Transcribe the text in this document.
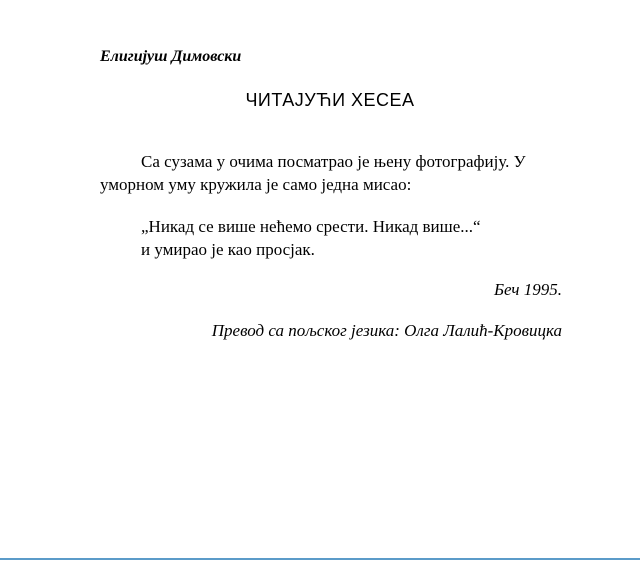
Елигијуш Димовски
ЧИТАЈУЋИ ХЕСЕА

Са сузама у очима посматрао је њену фотографију. У
уморном уму кружила је само једна мисао:

„Никад се више нећемо срести. Никад више...“
и умирао је као просјак.

Беч 1995.
Превод са пољског језика: Олга Лалић-Кровицка
